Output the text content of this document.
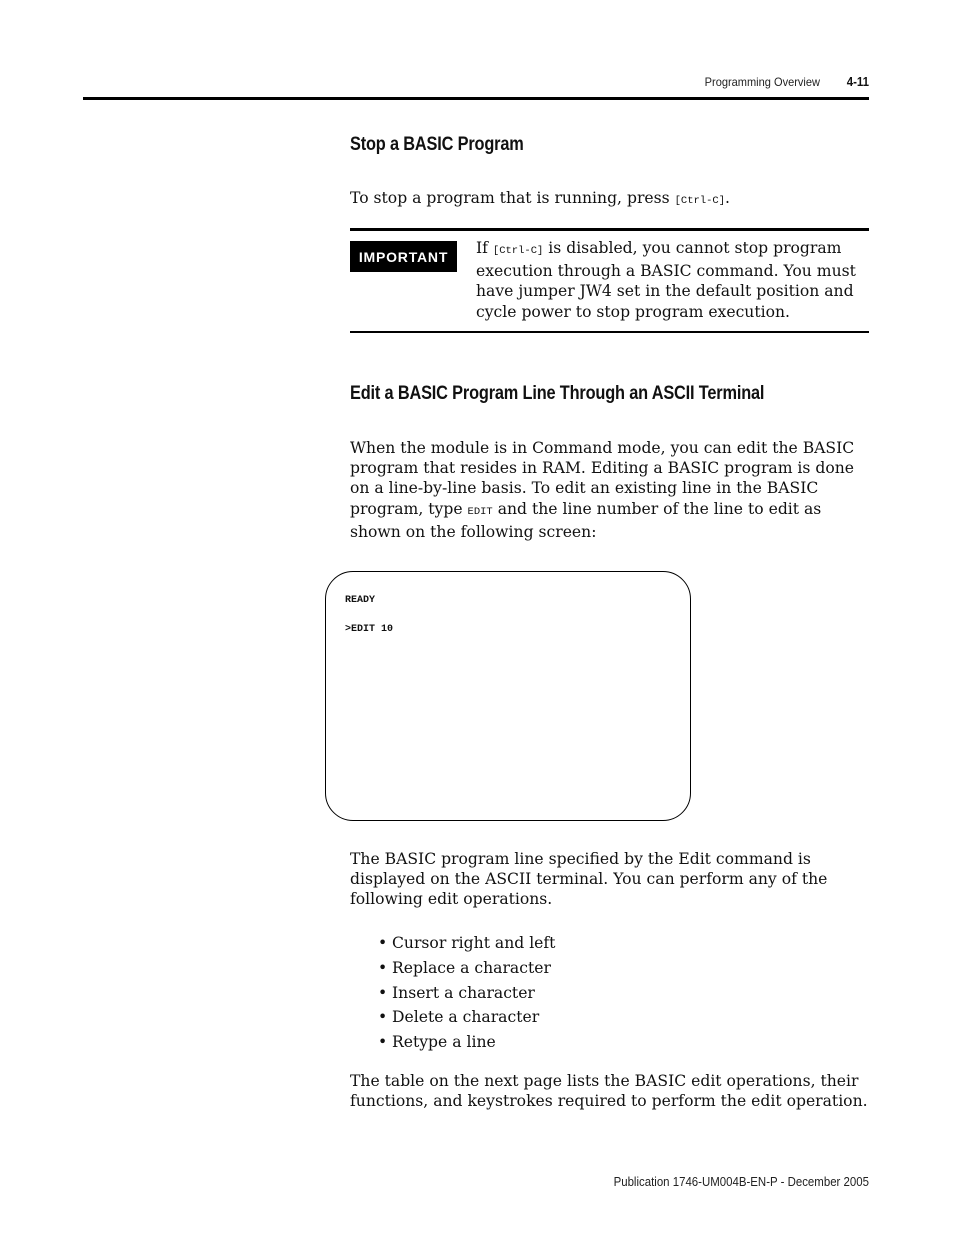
Programming Overview	4-11
Stop a BASIC Program

To stop a program that is running, press [Ctrl-C].

IMPORTANT	If [Ctrl-C] is disabled, you cannot stop program execution through a BASIC command. You must have jumper JW4 set in the default position and cycle power to stop program execution.

Edit a BASIC Program Line Through an ASCII Terminal

When the module is in Command mode, you can edit the BASIC program that resides in RAM. Editing a BASIC program is done on a line-by-line basis. To edit an existing line in the BASIC program, type EDIT and the line number of the line to edit as shown on the following screen:

READY
>EDIT 10

The BASIC program line specified by the Edit command is displayed on the ASCII terminal. You can perform any of the following edit operations.

• Cursor right and left
• Replace a character
• Insert a character
• Delete a character
• Retype a line

The table on the next page lists the BASIC edit operations, their functions, and keystrokes required to perform the edit operation.

Publication 1746-UM004B-EN-P - December 2005
